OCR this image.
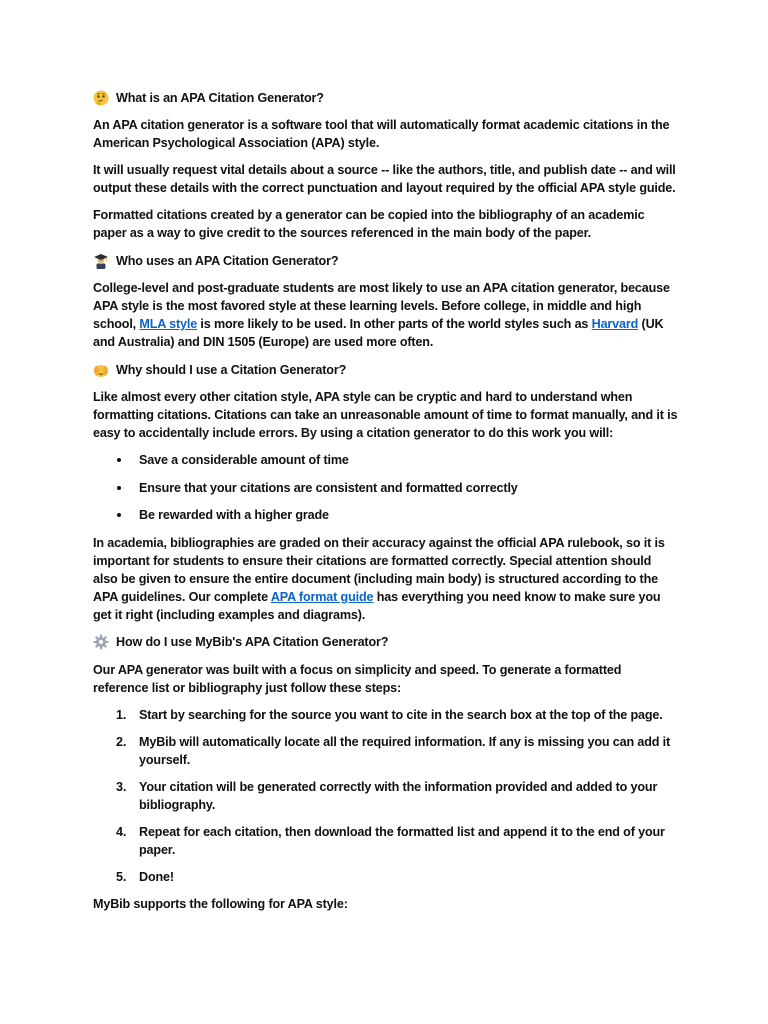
What is an APA Citation Generator?

An APA citation generator is a software tool that will automatically format academic citations in the American Psychological Association (APA) style.

It will usually request vital details about a source -- like the authors, title, and publish date -- and will output these details with the correct punctuation and layout required by the official APA style guide.

Formatted citations created by a generator can be copied into the bibliography of an academic paper as a way to give credit to the sources referenced in the main body of the paper.

Who uses an APA Citation Generator?

College-level and post-graduate students are most likely to use an APA citation generator, because APA style is the most favored style at these learning levels. Before college, in middle and high school, MLA style is more likely to be used. In other parts of the world styles such as Harvard (UK and Australia) and DIN 1505 (Europe) are used more often.

Why should I use a Citation Generator?

Like almost every other citation style, APA style can be cryptic and hard to understand when formatting citations. Citations can take an unreasonable amount of time to format manually, and it is easy to accidentally include errors. By using a citation generator to do this work you will:

Save a considerable amount of time
Ensure that your citations are consistent and formatted correctly
Be rewarded with a higher grade

In academia, bibliographies are graded on their accuracy against the official APA rulebook, so it is important for students to ensure their citations are formatted correctly. Special attention should also be given to ensure the entire document (including main body) is structured according to the APA guidelines. Our complete APA format guide has everything you need know to make sure you get it right (including examples and diagrams).

How do I use MyBib's APA Citation Generator?

Our APA generator was built with a focus on simplicity and speed. To generate a formatted reference list or bibliography just follow these steps:

1. Start by searching for the source you want to cite in the search box at the top of the page.
2. MyBib will automatically locate all the required information. If any is missing you can add it yourself.
3. Your citation will be generated correctly with the information provided and added to your bibliography.
4. Repeat for each citation, then download the formatted list and append it to the end of your paper.
5. Done!

MyBib supports the following for APA style:
